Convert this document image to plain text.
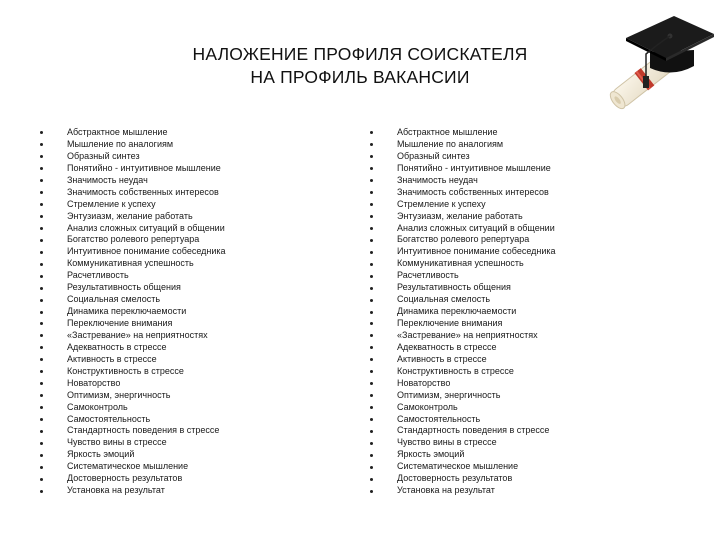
НАЛОЖЕНИЕ ПРОФИЛЯ СОИСКАТЕЛЯ
НА ПРОФИЛЬ ВАКАНСИИ
Абстрактное мышление
Мышление по аналогиям
Образный синтез
Понятийно - интуитивное мышление
Значимость неудач
Значимость собственных интересов
Стремление к успеху
Энтузиазм, желание работать
Анализ сложных ситуаций в общении
Богатство ролевого репертуара
Интуитивное понимание собеседника
Коммуникативная успешность
Расчетливость
Результативность общения
Социальная смелость
Динамика переключаемости
Переключение внимания
«Застревание» на неприятностях
Адекватность в стрессе
Активность в стрессе
Конструктивность в стрессе
Новаторство
Оптимизм, энергичность
Самоконтроль
Самостоятельность
Стандартность поведения в стрессе
Чувство вины в стрессе
Яркость эмоций
Систематическое мышление
Достоверность результатов
Установка на результат
Абстрактное мышление
Мышление по аналогиям
Образный синтез
Понятийно - интуитивное мышление
Значимость неудач
Значимость собственных интересов
Стремление к успеху
Энтузиазм, желание работать
Анализ сложных ситуаций в общении
Богатство ролевого репертуара
Интуитивное понимание собеседника
Коммуникативная успешность
Расчетливость
Результативность общения
Социальная смелость
Динамика переключаемости
Переключение внимания
«Застревание» на неприятностях
Адекватность в стрессе
Активность в стрессе
Конструктивность в стрессе
Новаторство
Оптимизм, энергичность
Самоконтроль
Самостоятельность
Стандартность поведения в стрессе
Чувство вины в стрессе
Яркость эмоций
Систематическое мышление
Достоверность результатов
Установка на результат
